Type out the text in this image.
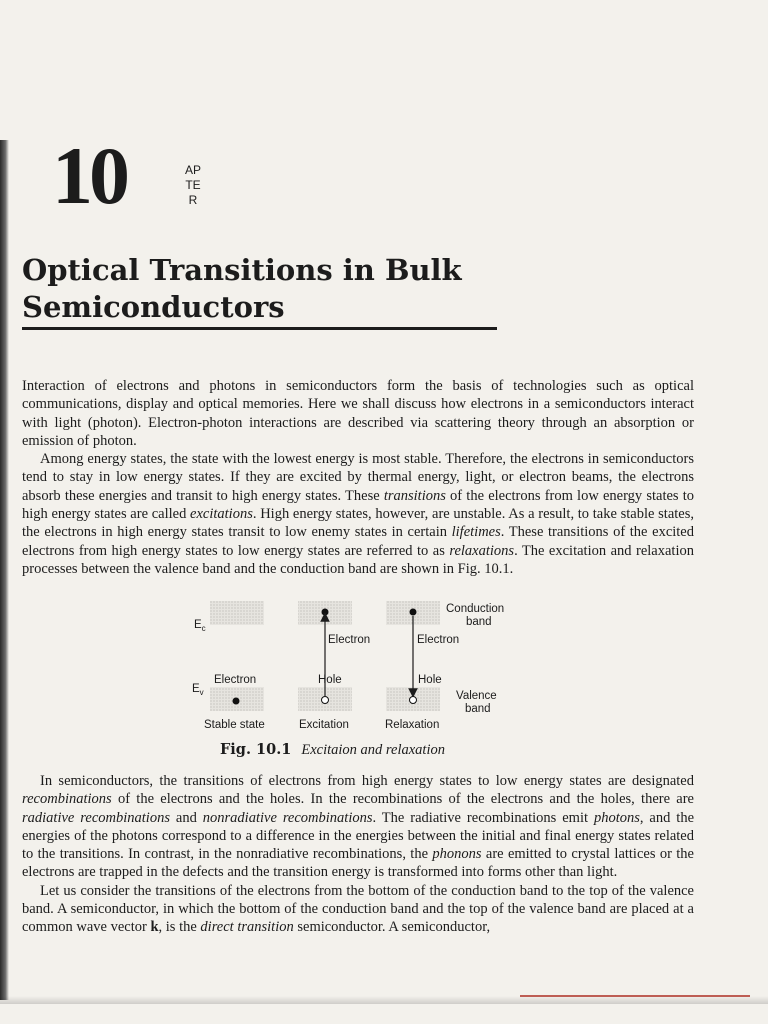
10	APTER
Optical Transitions in Bulk
Semiconductors

Interaction of electrons and photons in semiconductors form the basis of technologies such as optical communications, display and optical memories. Here we shall discuss how electrons in a semiconductors interact with light (photon). Electron-photon interactions are described via scattering theory through an absorption or emission of photon.

Among energy states, the state with the lowest energy is most stable. Therefore, the electrons in semiconductors tend to stay in low energy states. If they are excited by thermal energy, light, or electron beams, the electrons absorb these energies and transit to high energy states. These transitions of the electrons from low energy states to high energy states are called excitations. High energy states, however, are unstable. As a result, to take stable states, the electrons in high energy states transit to low enemy states in certain lifetimes. These transitions of the excited electrons from high energy states to low energy states are referred to as relaxations. The excitation and relaxation processes between the valence band and the conduction band are shown in Fig. 10.1.

$E_c$
$E_v$
Electron
Electron
Hole
Electron
Hole
Conduction
band
Valence
band
Stable state	Excitation	Relaxation
Fig. 10.1 Excitaion and relaxation

In semiconductors, the transitions of electrons from high energy states to low energy states are designated recombinations of the electrons and the holes. In the recombinations of the electrons and the holes, there are radiative recombinations and nonradiative recombinations. The radiative recombinations emit photons, and the energies of the photons correspond to a difference in the energies between the initial and final energy states related to the transitions. In contrast, in the nonradiative recombinations, the phonons are emitted to crystal lattices or the electrons are trapped in the defects and the transition energy is transformed into forms other than light.

Let us consider the transitions of the electrons from the bottom of the conduction band to the top of the valence band. A semiconductor, in which the bottom of the conduction band and the top of the valence band are placed at a common wave vector k, is the direct transition semiconductor. A semiconductor,
